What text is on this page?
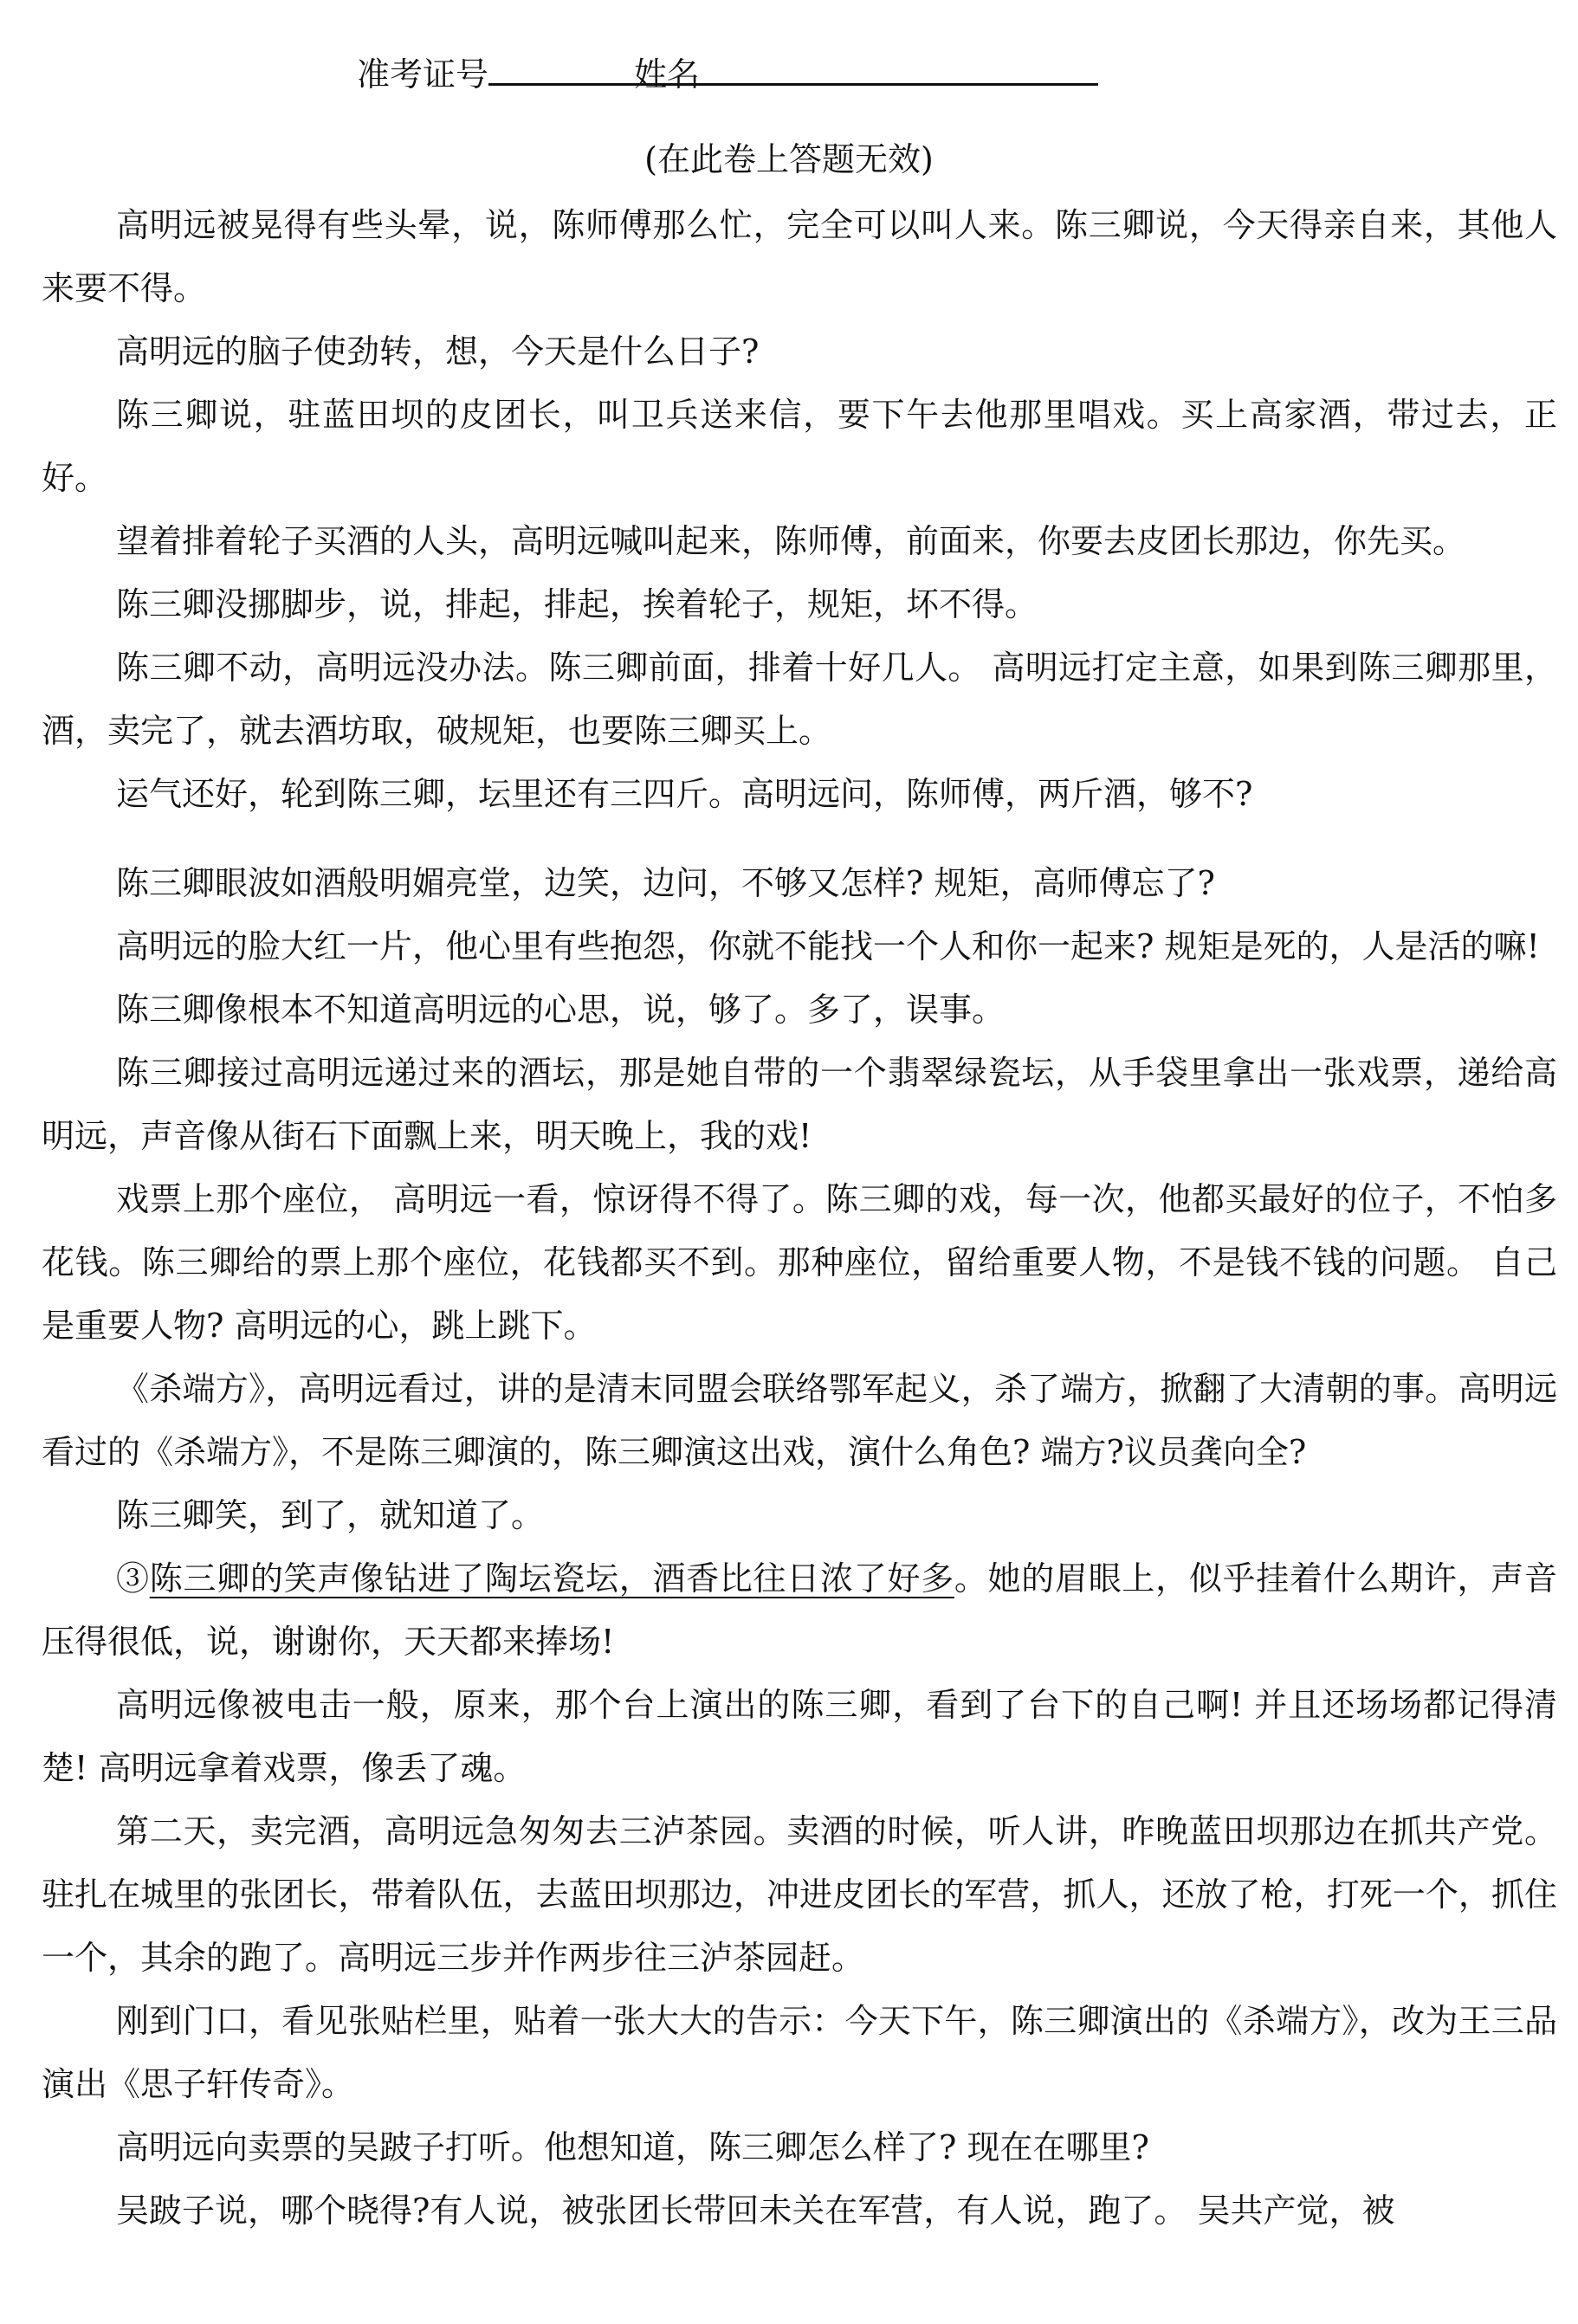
准考证号	姓名
(在此卷上答题无效)

高明远被晃得有些头晕，说，陈师傅那么忙，完全可以叫人来。陈三卿说，今天得亲自来，其他人来要不得。

高明远的脑子使劲转，想，今天是什么日子?

陈三卿说，驻蓝田坝的皮团长，叫卫兵送来信，要下午去他那里唱戏。买上高家酒，带过去，正好。

望着排着轮子买酒的人头，高明远喊叫起来，陈师傅，前面来，你要去皮团长那边，你先买。

陈三卿没挪脚步，说，排起，排起，挨着轮子，规矩，坏不得。

陈三卿不动，高明远没办法。陈三卿前面，排着十好几人。 高明远打定主意，如果到陈三卿那里，酒，卖完了，就去酒坊取，破规矩，也要陈三卿买上。

运气还好，轮到陈三卿，坛里还有三四斤。高明远问，陈师傅，两斤酒，够不?

陈三卿眼波如酒般明媚亮堂，边笑，边问，不够又怎样? 规矩，高师傅忘了?

高明远的脸大红一片，他心里有些抱怨，你就不能找一个人和你一起来? 规矩是死的，人是活的嘛!

陈三卿像根本不知道高明远的心思，说，够了。多了，误事。

陈三卿接过高明远递过来的酒坛，那是她自带的一个翡翠绿瓷坛，从手袋里拿出一张戏票，递给高明远，声音像从街石下面飘上来，明天晚上，我的戏!

戏票上那个座位， 高明远一看，惊讶得不得了。陈三卿的戏，每一次，他都买最好的位子，不怕多花钱。陈三卿给的票上那个座位，花钱都买不到。那种座位，留给重要人物，不是钱不钱的问题。 自己是重要人物? 高明远的心，跳上跳下。

《杀端方》，高明远看过，讲的是清末同盟会联络鄂军起义，杀了端方，掀翻了大清朝的事。高明远看过的《杀端方》，不是陈三卿演的，陈三卿演这出戏，演什么角色? 端方?议员龚向全?

陈三卿笑，到了，就知道了。

③陈三卿的笑声像钻进了陶坛瓷坛，酒香比往日浓了好多。她的眉眼上，似乎挂着什么期许，声音压得很低，说，谢谢你，天天都来捧场!

高明远像被电击一般，原来，那个台上演出的陈三卿，看到了台下的自己啊! 并且还场场都记得清楚! 高明远拿着戏票，像丢了魂。

第二天，卖完酒，高明远急匆匆去三泸茶园。卖酒的时候，听人讲，昨晚蓝田坝那边在抓共产党。驻扎在城里的张团长，带着队伍，去蓝田坝那边，冲进皮团长的军营，抓人，还放了枪，打死一个，抓住一个，其余的跑了。高明远三步并作两步往三泸茶园赶。

刚到门口，看见张贴栏里，贴着一张大大的告示：今天下午，陈三卿演出的《杀端方》，改为王三品演出《思子轩传奇》。

高明远向卖票的吴跛子打听。他想知道，陈三卿怎么样了? 现在在哪里?

吴跛子说，哪个晓得?有人说，被张团长带回未关在军营，有人说，跑了。 吴共产觉，被
